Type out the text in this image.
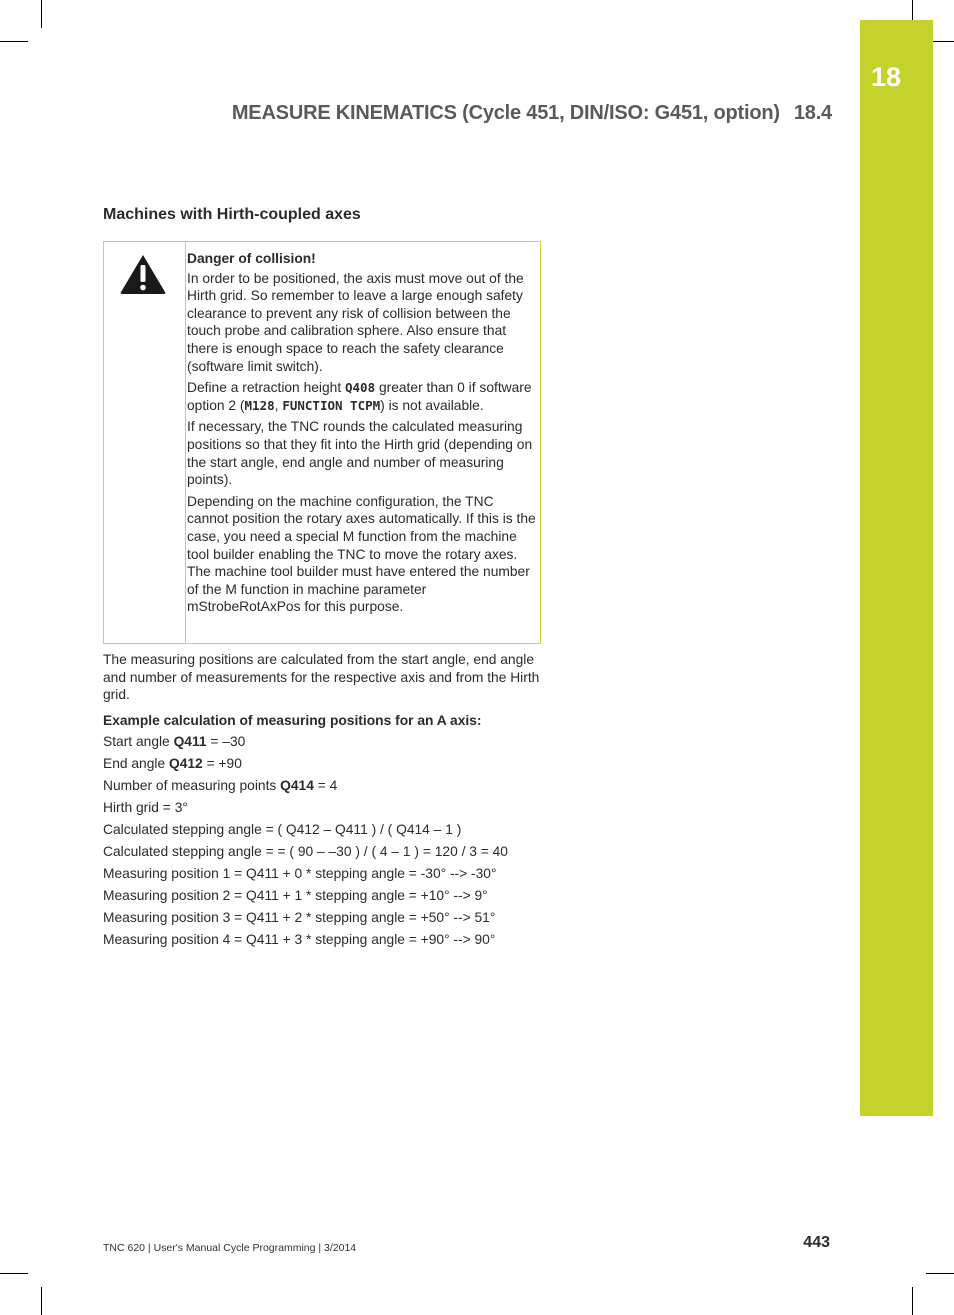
18
MEASURE KINEMATICS (Cycle 451, DIN/ISO: G451, option) 18.4
Machines with Hirth-coupled axes

Danger of collision!

In order to be positioned, the axis must move out of the Hirth grid. So remember to leave a large enough safety clearance to prevent any risk of collision between the touch probe and calibration sphere. Also ensure that there is enough space to reach the safety clearance (software limit switch).

Define a retraction height Q408 greater than 0 if software option 2 (M128, FUNCTION TCPM) is not available.

If necessary, the TNC rounds the calculated measuring positions so that they fit into the Hirth grid (depending on the start angle, end angle and number of measuring points).

Depending on the machine configuration, the TNC cannot position the rotary axes automatically. If this is the case, you need a special M function from the machine tool builder enabling the TNC to move the rotary axes. The machine tool builder must have entered the number of the M function in machine parameter mStrobeRotAxPos for this purpose.

The measuring positions are calculated from the start angle, end angle and number of measurements for the respective axis and from the Hirth grid.

Example calculation of measuring positions for an A axis:

Start angle Q411 = –30

End angle Q412 = +90

Number of measuring points Q414 = 4

Hirth grid = 3°

Calculated stepping angle = ( Q412 – Q411 ) / ( Q414 – 1 )

Calculated stepping angle = = ( 90 – –30 ) / ( 4 – 1 ) = 120 / 3 = 40

Measuring position 1 = Q411 + 0 * stepping angle = -30° --> -30°

Measuring position 2 = Q411 + 1 * stepping angle = +10° --> 9°

Measuring position 3 = Q411 + 2 * stepping angle = +50° --> 51°

Measuring position 4 = Q411 + 3 * stepping angle = +90° --> 90°

TNC 620 | User's Manual Cycle Programming | 3/2014	443
